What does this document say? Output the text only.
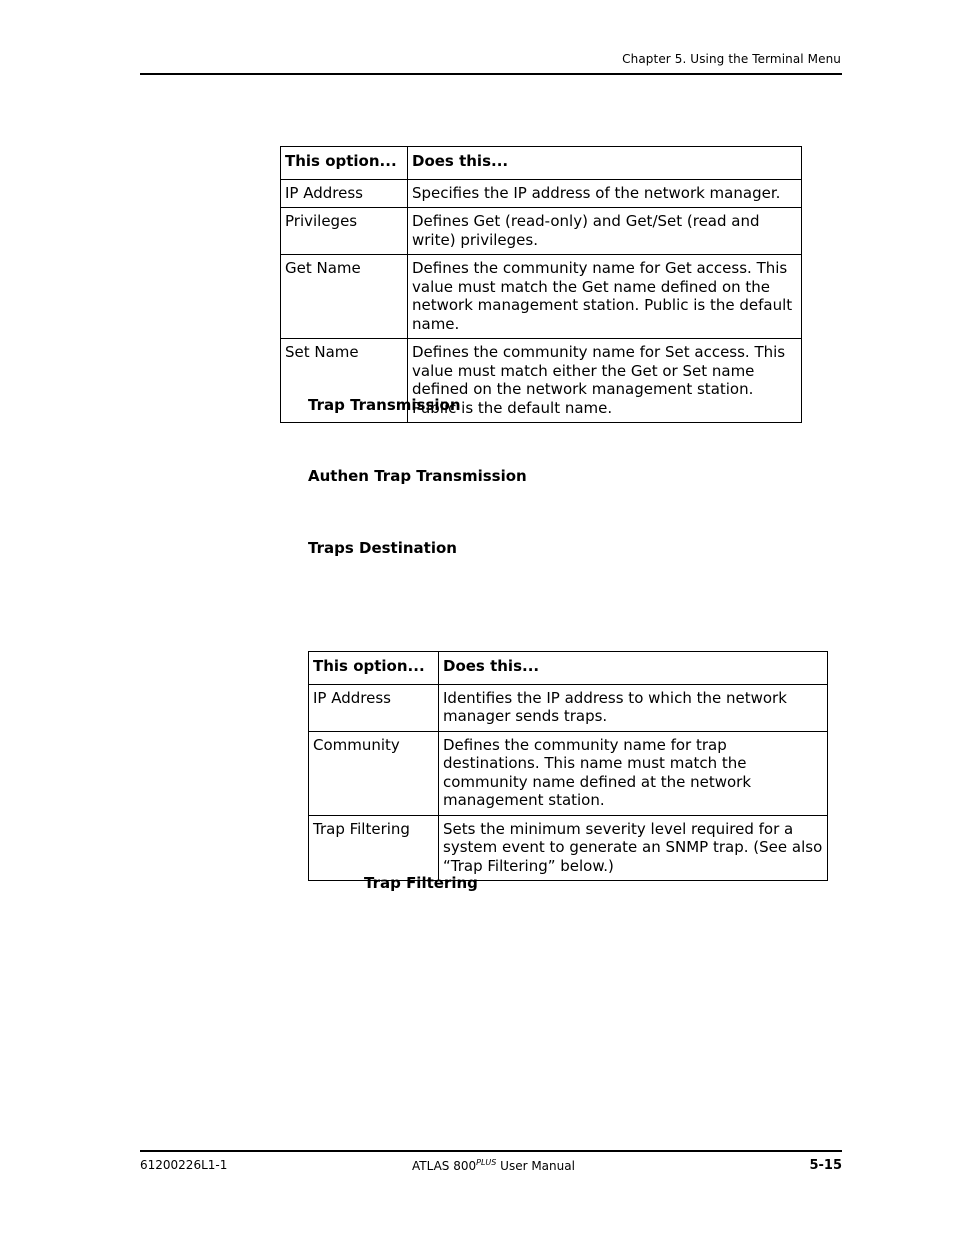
Chapter 5. Using the Terminal Menu
This option...	Does this...
IP Address	Specifies the IP address of the network manager.
Privileges	Defines Get (read-only) and Get/Set (read and write) privileges.
Get Name	Defines the community name for Get access. This value must match the Get name defined on the network management station. Public is the default name.
Set Name	Defines the community name for Set access. This value must match either the Get or Set name defined on the network management station. Public is the default name.
Trap Transmission
Authen Trap Transmission
Traps Destination
This option...	Does this...
IP Address	Identifies the IP address to which the network manager sends traps.
Community	Defines the community name for trap destinations. This name must match the community name defined at the network management station.
Trap Filtering	Sets the minimum severity level required for a system event to generate an SNMP trap. (See also “Trap Filtering” below.)
Trap Filtering
61200226L1-1	ATLAS $800^{PLUS}$ User Manual	5-15
